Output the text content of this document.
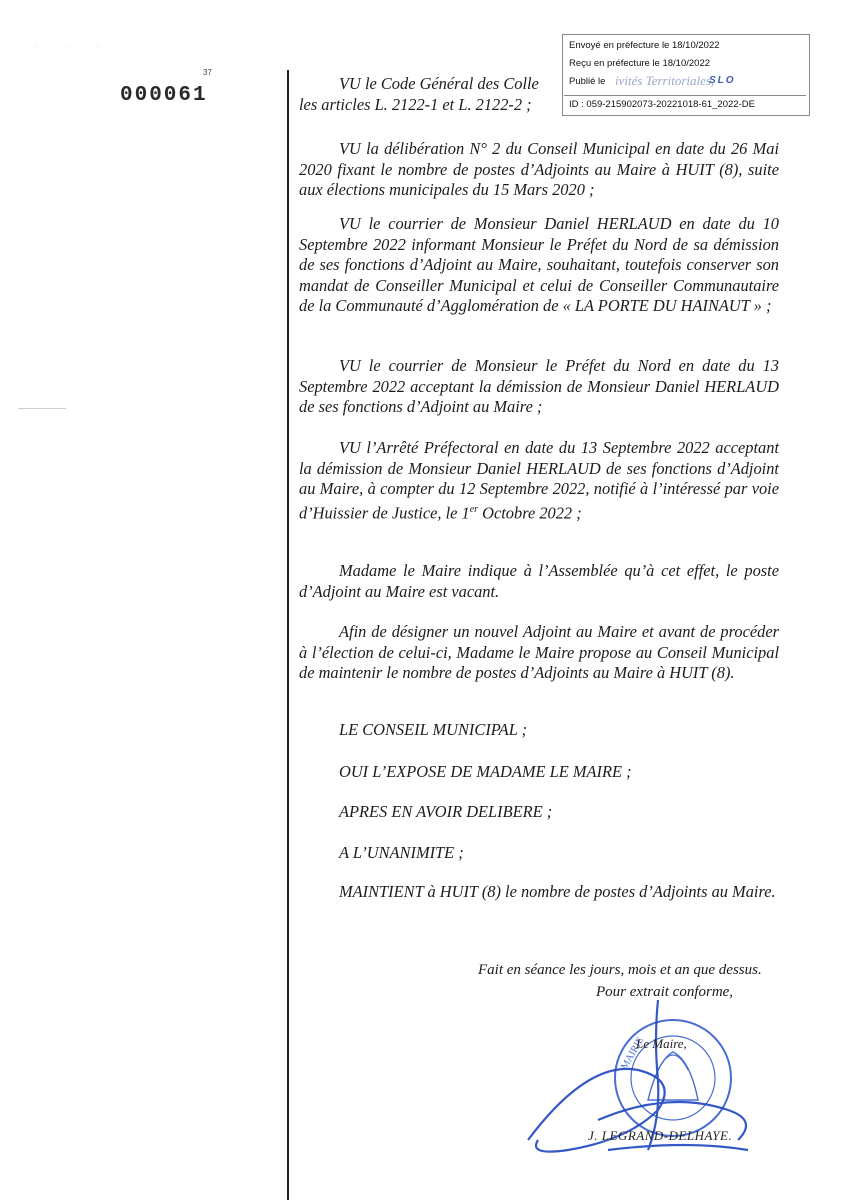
· · ·
000061
37
Envoyé en préfecture le 18/10/2022
Reçu en préfecture le 18/10/2022
Publié le ivités Territoriales,
SLO
ID : 059-215902073-20221018-61_2022-DE
VU le Code Général des Colle
les articles L. 2122-1 et L. 2122-2 ;
VU la délibération N° 2 du Conseil Municipal en date du 26 Mai 2020 fixant le nombre de postes d’Adjoints au Maire à HUIT (8), suite aux élections municipales du 15 Mars 2020 ;
VU le courrier de Monsieur Daniel HERLAUD en date du 10 Septembre 2022 informant Monsieur le Préfet du Nord de sa démission de ses fonctions d’Adjoint au Maire, souhaitant, toutefois conserver son mandat de Conseiller Municipal et celui de Conseiller Communautaire de la Communauté d’Agglomération de « LA PORTE DU HAINAUT » ;
VU le courrier de Monsieur le Préfet du Nord en date du 13 Septembre 2022 acceptant la démission de Monsieur Daniel HERLAUD de ses fonctions d’Adjoint au Maire ;
VU l’Arrêté Préfectoral en date du 13 Septembre 2022 acceptant la démission de Monsieur Daniel HERLAUD de ses fonctions d’Adjoint au Maire, à compter du 12 Septembre 2022, notifié à l’intéressé par voie d’Huissier de Justice, le 1er Octobre 2022 ;
Madame le Maire indique à l’Assemblée qu’à cet effet, le poste d’Adjoint au Maire est vacant.
Afin de désigner un nouvel Adjoint au Maire et avant de procéder à l’élection de celui-ci, Madame le Maire propose au Conseil Municipal de maintenir le nombre de postes d’Adjoints au Maire à HUIT (8).
LE CONSEIL MUNICIPAL ;
OUI L’EXPOSE DE MADAME LE MAIRE ;
APRES EN AVOIR DELIBERE ;
A L’UNANIMITE ;
MAINTIENT à HUIT (8) le nombre de postes d’Adjoints au Maire.
Fait en séance les jours, mois et an que dessus.
Pour extrait conforme,
MAIRIE
Le Maire,
J. LEGRAND-DELHAYE.
